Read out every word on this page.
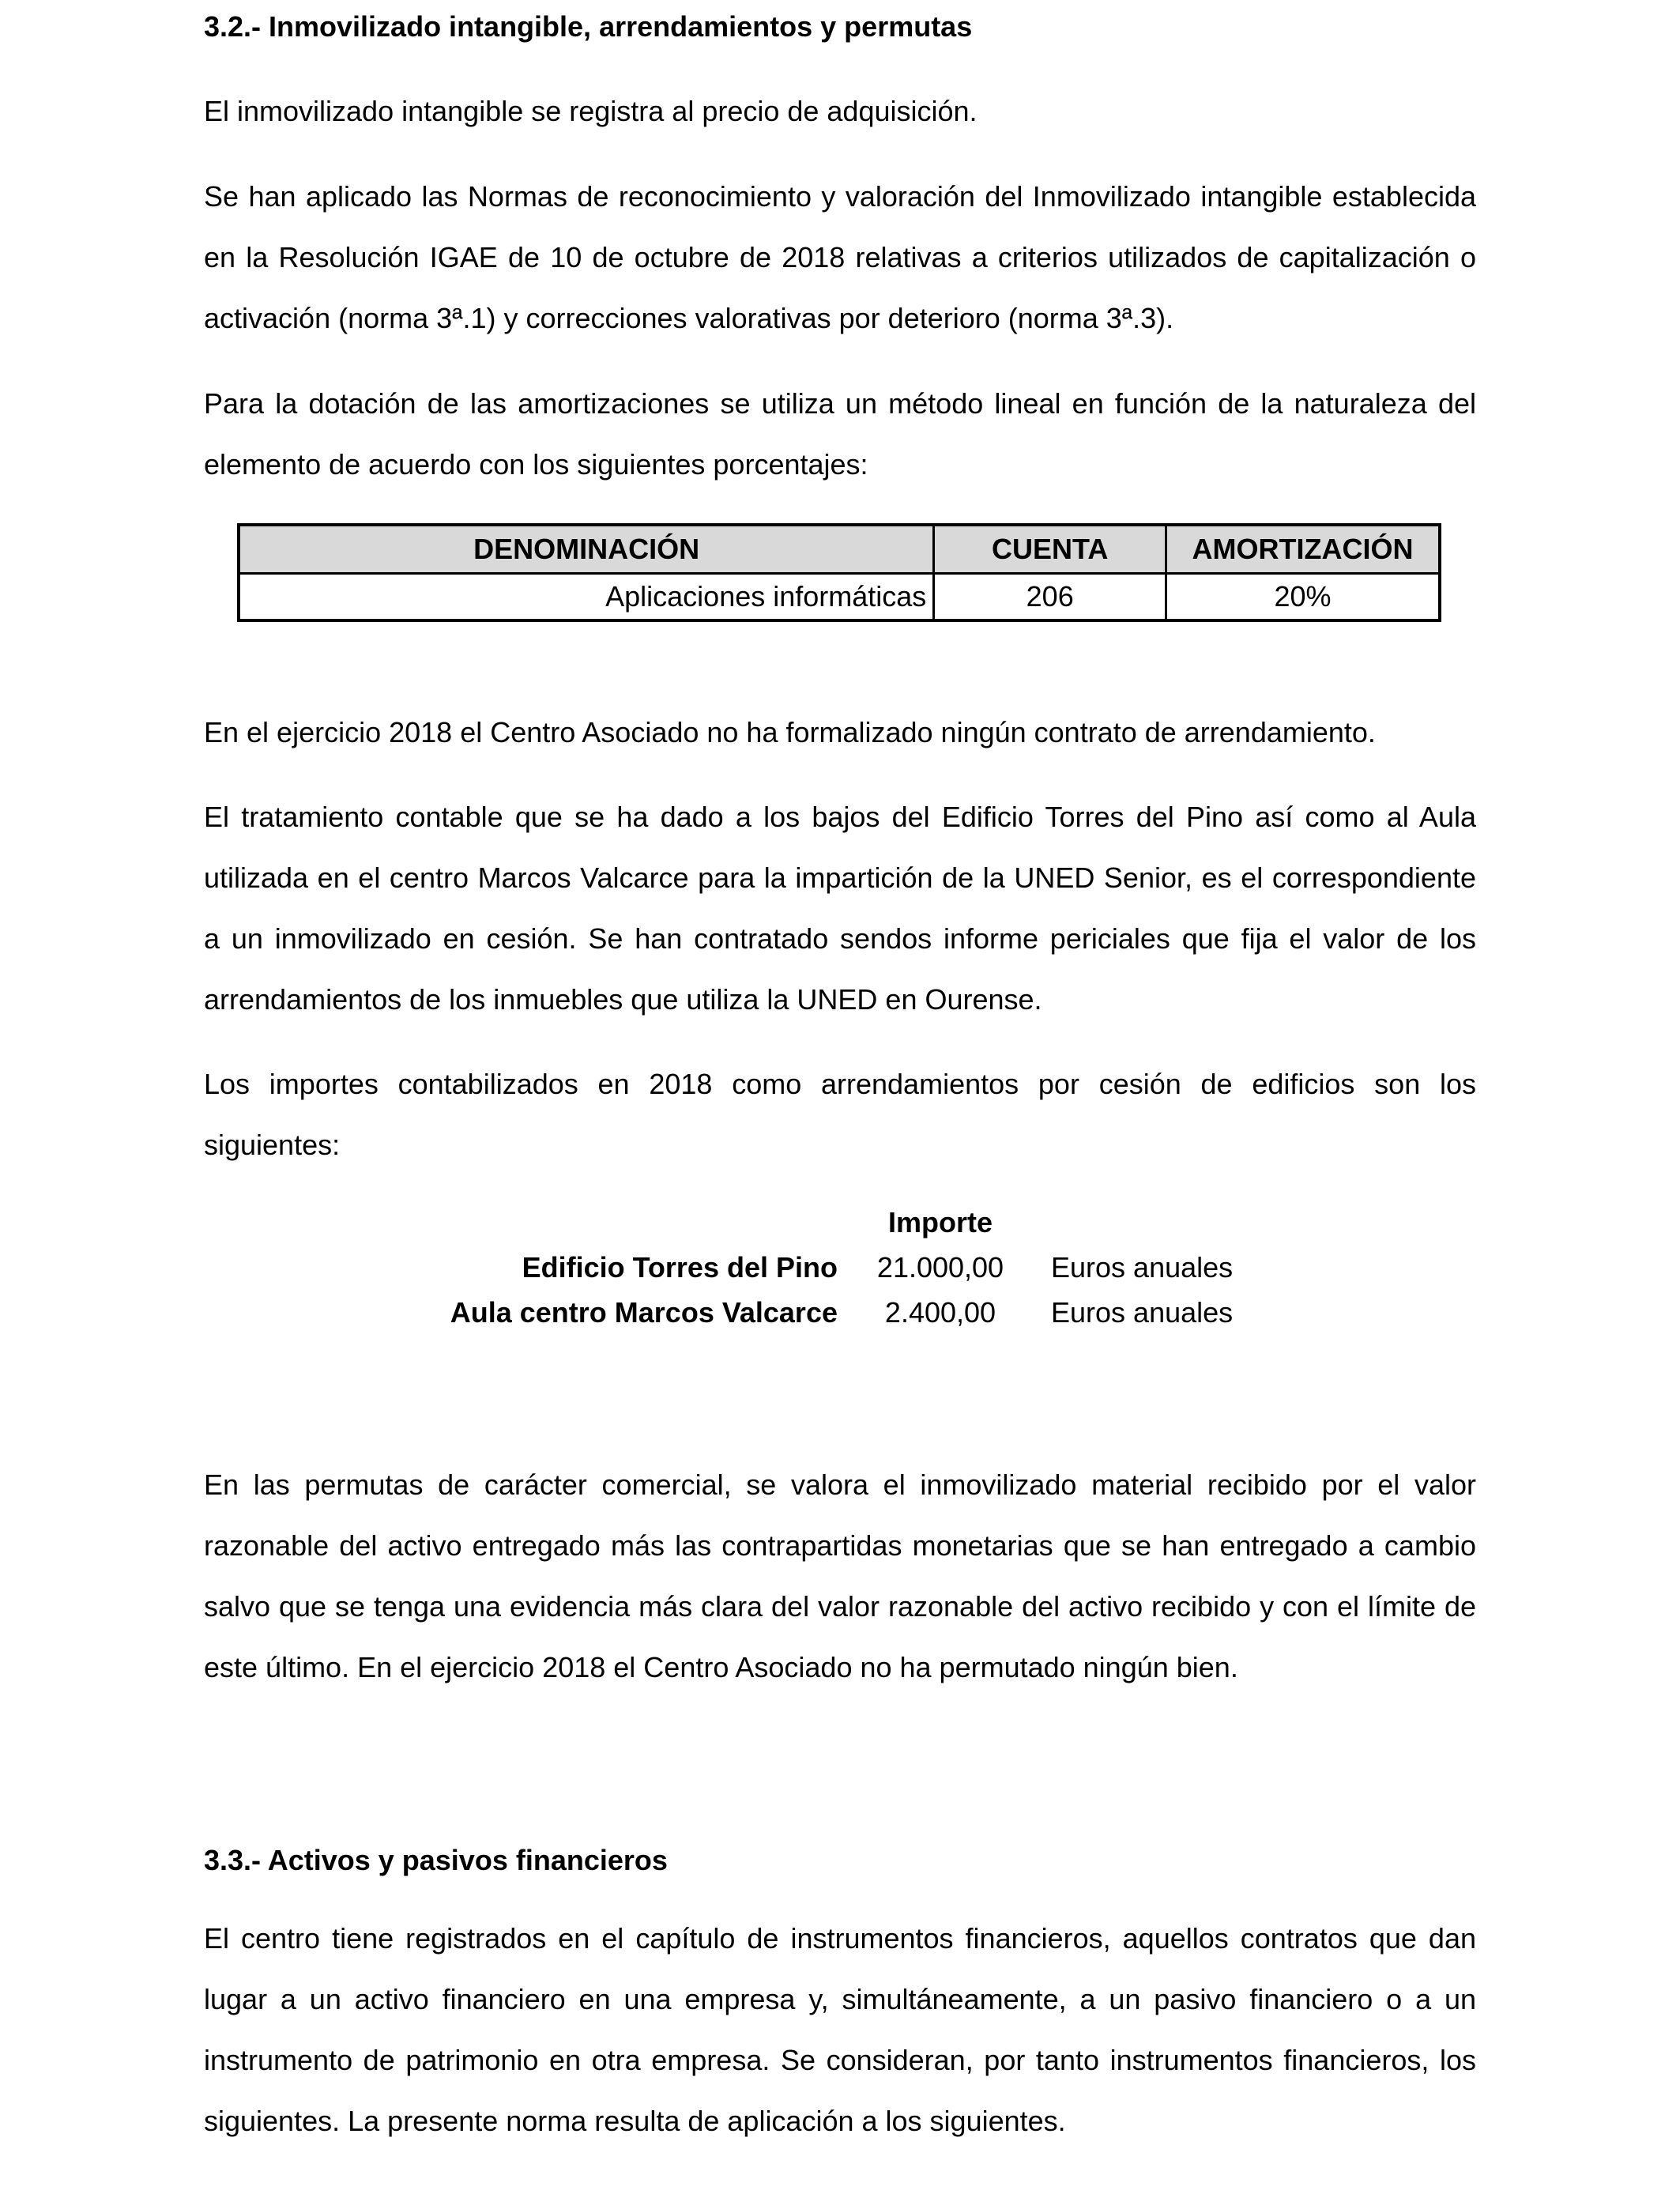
3.2.- Inmovilizado intangible, arrendamientos y permutas

El inmovilizado intangible se registra al precio de adquisición.

Se han aplicado las Normas de reconocimiento y valoración del Inmovilizado intangible establecida en la Resolución IGAE de 10 de octubre de 2018 relativas a criterios utilizados de capitalización o activación (norma 3ª.1) y correcciones valorativas por deterioro (norma 3ª.3).

Para la dotación de las amortizaciones se utiliza un método lineal en función de la naturaleza del elemento de acuerdo con los siguientes porcentajes:

DENOMINACIÓN	CUENTA	AMORTIZACIÓN
Aplicaciones informáticas	206	20%

En el ejercicio 2018 el Centro Asociado no ha formalizado ningún contrato de arrendamiento.

El tratamiento contable que se ha dado a los bajos del Edificio Torres del Pino así como al Aula utilizada en el centro Marcos Valcarce para la impartición de la UNED Senior, es el correspondiente a un inmovilizado en cesión. Se han contratado sendos informe periciales que fija el valor de los arrendamientos de los inmuebles que utiliza la UNED en Ourense.

Los importes contabilizados en 2018 como arrendamientos por cesión de edificios son los siguientes:

	Importe	
Edificio Torres del Pino	21.000,00	Euros anuales
Aula centro Marcos Valcarce	2.400,00	Euros anuales

En las permutas de carácter comercial, se valora el inmovilizado material recibido por el valor razonable del activo entregado más las contrapartidas monetarias que se han entregado a cambio salvo que se tenga una evidencia más clara del valor razonable del activo recibido y con el límite de este último. En el ejercicio 2018 el Centro Asociado no ha permutado ningún bien.

3.3.- Activos y pasivos financieros

El centro tiene registrados en el capítulo de instrumentos financieros, aquellos contratos que dan lugar a un activo financiero en una empresa y, simultáneamente, a un pasivo financiero o a un instrumento de patrimonio en otra empresa. Se consideran, por tanto instrumentos financieros, los siguientes. La presente norma resulta de aplicación a los siguientes.
